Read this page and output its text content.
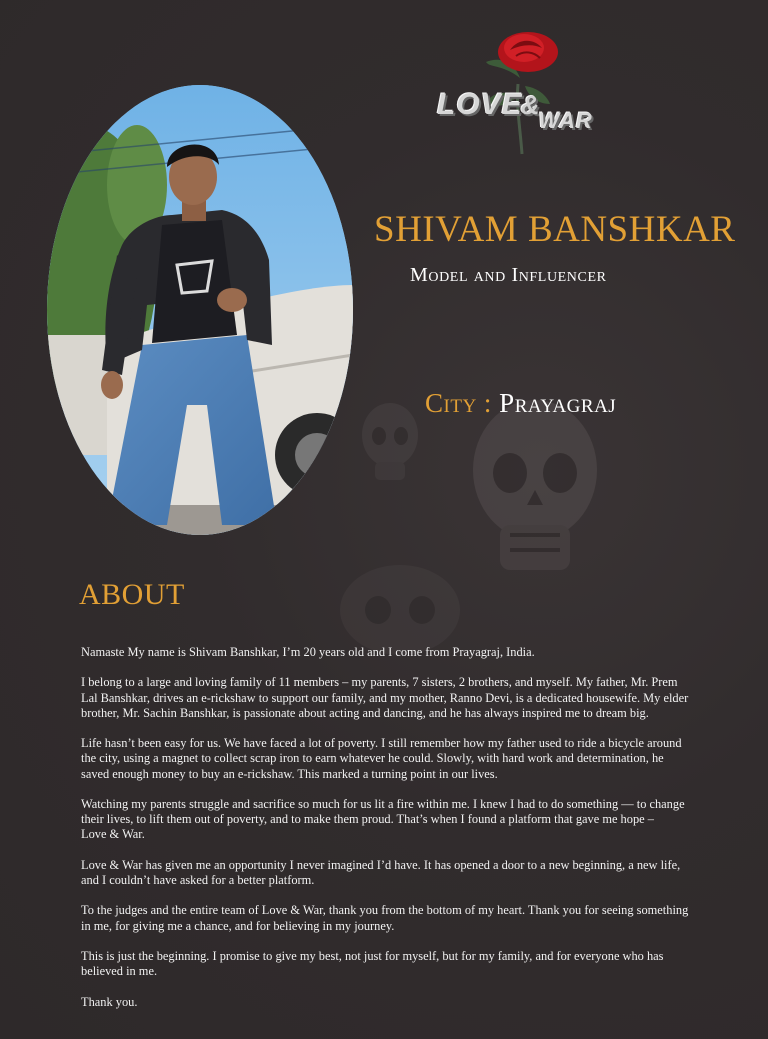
$LOVE\&_{WAR}$
SHIVAM BANSHKAR
Model and Influencer
City : Prayagraj
ABOUT

Namaste My name is Shivam Banshkar, I’m 20 years old and I come from Prayagraj, India.

I belong to a large and loving family of 11 members – my parents, 7 sisters, 2 brothers, and myself. My father, Mr. Prem
Lal Banshkar, drives an e-rickshaw to support our family, and my mother, Ranno Devi, is a dedicated housewife. My elder
brother, Mr. Sachin Banshkar, is passionate about acting and dancing, and he has always inspired me to dream big.

Life hasn’t been easy for us. We have faced a lot of poverty. I still remember how my father used to ride a bicycle around
the city, using a magnet to collect scrap iron to earn whatever he could. Slowly, with hard work and determination, he
saved enough money to buy an e-rickshaw. This marked a turning point in our lives.

Watching my parents struggle and sacrifice so much for us lit a fire within me. I knew I had to do something — to change
their lives, to lift them out of poverty, and to make them proud. That’s when I found a platform that gave me hope –
Love & War.

Love & War has given me an opportunity I never imagined I’d have. It has opened a door to a new beginning, a new life,
and I couldn’t have asked for a better platform.

To the judges and the entire team of Love & War, thank you from the bottom of my heart. Thank you for seeing something
in me, for giving me a chance, and for believing in my journey.

This is just the beginning. I promise to give my best, not just for myself, but for my family, and for everyone who has
believed in me.

Thank you.
